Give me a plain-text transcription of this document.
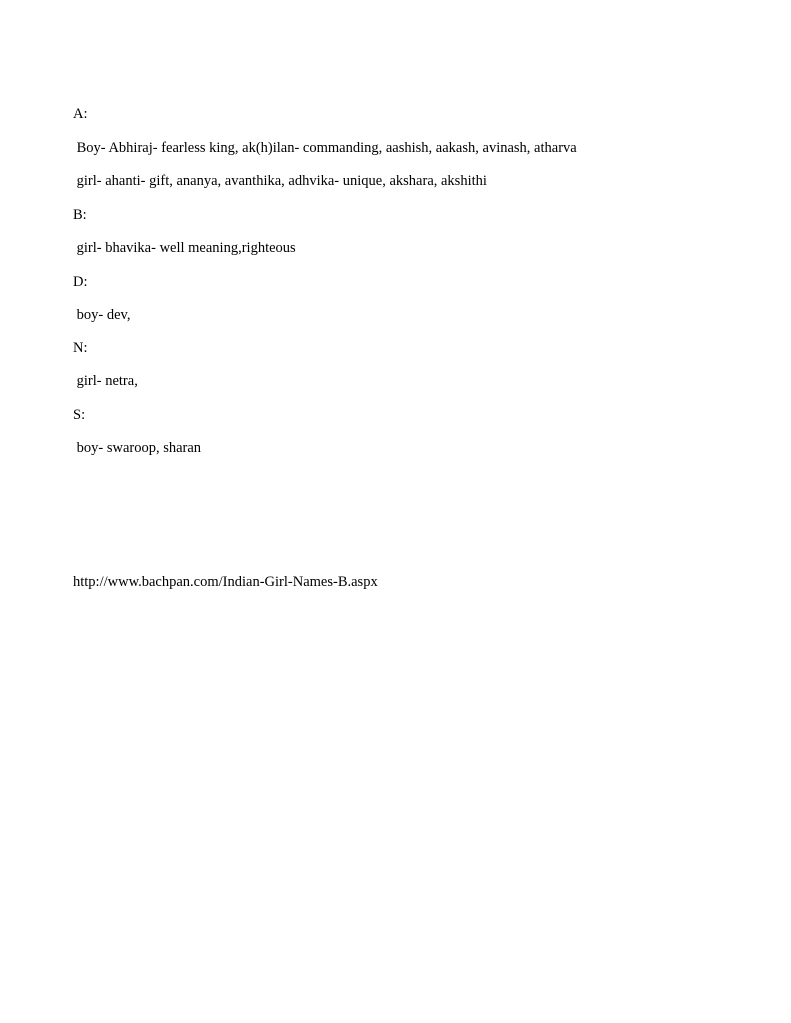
A:
Boy- Abhiraj- fearless king, ak(h)ilan- commanding, aashish, aakash, avinash, atharva
girl- ahanti- gift, ananya, avanthika, adhvika- unique, akshara, akshithi
B:
girl- bhavika- well meaning,righteous
D:
boy- dev,
N:
girl- netra,
S:
boy- swaroop, sharan
http://www.bachpan.com/Indian-Girl-Names-B.aspx
